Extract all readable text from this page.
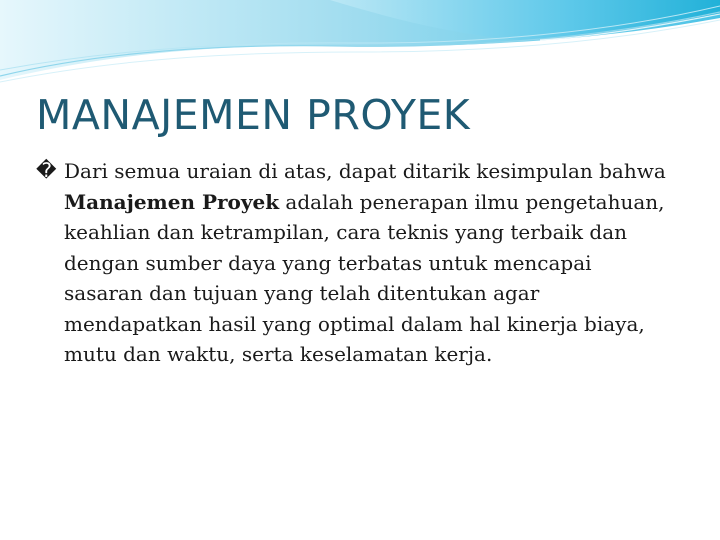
MANAJEMEN PROYEK

� Dari semua uraian di atas, dapat ditarik kesimpulan bahwa Manajemen Proyek adalah penerapan ilmu pengetahuan, keahlian dan ketrampilan, cara teknis yang terbaik dan dengan sumber daya yang terbatas untuk mencapai sasaran dan tujuan yang telah ditentukan agar mendapatkan hasil yang optimal dalam hal kinerja biaya, mutu dan waktu, serta keselamatan kerja.
